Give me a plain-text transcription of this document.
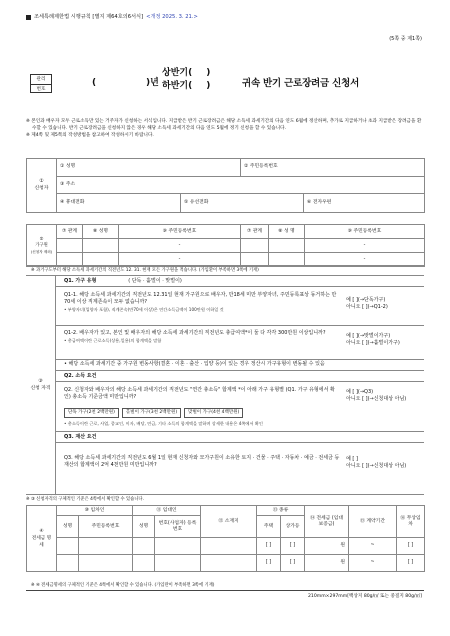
조세특례제한법 시행규칙 [별지 제64호의6서식] <개정 2025. 3. 21.>
(5쪽 중 제1쪽)
관리
번호
(	)년
상반기( )
하반기( )	귀속 반기 근로장려금 신청서

※ 본인과 배우자 모두 근로소득만 있는 거주자가 신청하는 서식입니다. 지급받은 반기 근로장려금은 해당 소득세 과세기간의 다음 연도 6월에 정산하며, 추가로 지급하거나 초과 지급받은 장려금을 환수할 수 있습니다. 반기 근로장려금을 신청하지 않은 경우 해당 소득세 과세기간의 다음 연도 5월에 정기 신청을 할 수 있습니다.

※ 제4쪽 및 제5쪽의 작성방법을 참고하여 작성하시기 바랍니다.

①
신청자
	① 성명	② 주민등록번호
③ 주소

④ 휴대전화	⑤ 유선전화	⑥ 전자우편
②
가구원
(신청자 제외)	⑦ 관계	⑧ 성명	⑨ 주민등록번호	⑦ 관계	⑧ 성 명	⑨ 주민등록번호
			-			-
			-			-
※ 과거구도부터 해당 소득세 과세기간의 직전년도 12. 31. 현재 모든 가구원을 적습니다. (가입환이 부족하면 3쪽에 기재)
③
신청 자격
Q1. 가구 유형	( 단독 · 홑벌이 · 맞벌이)
Q1-1. 해당 소득세 과세기간의 직전년도 12.31일 현재 가구원으로 배우자, 만18세 미만 부양자녀, 주민등록표상 동거하는 만 70세 이상 직계존속이 모두 없습니까?
• 부양자녀(입양자 포함), 직계존속(만70세 이상)은 연간소득금액이 100만원 이하일 것
예 [ ](→단독가구)
아니오 [ ](→Q1-2)
Q1-2. 배우자가 있고, 본인 및 배우자의 해당 소득세 과세기간의 직전년도 총급여액*이 둘 다 각각 300만원 이상입니까?
• 총급여액이란 근로소득(상용,일용)의 합계액을 말함
예 [ ](→맞벌이가구)
아니오 [ ](→홑벌이가구)
• 해당 소득세 과세기간 중 가구원 변동사항(결혼 · 이혼 · 출산 · 입양 등)이 있는 경우 정산시 가구유형이 변동될 수 있음
Q2. 소득 요건
Q2. 신청자와 배우자의 해당 소득세 과세기간의 직전년도 "연간 총소득" 합계액 *이 아래 가구 유형별 (Q1. 가구 유형에서 확인) 총소득 기준금액 미만입니까?
예 [ ](→Q3)
아니오 [ ](→신청대상 아님)
단독 가구(2천 2백만원)	홑벌이 가구(3천 2백만원)	맞벌이 가구(4천 4백만원)
• 총소득이란 근로, 사업, 종교인, 이자, 배당, 연금, 기타 소득의 합계액을 말하며 상세한 내용은 4쪽에서 확인
Q3. 재산 요건
Q3. 해당 소득세 과세기간의 직전년도 6월 1일 현재 신청자와 모가구원이 소유한 토지 · 건물 · 주택 · 자동차 · 예금 · 전세금 등 재산의 합계액이 2억 4천만원 미만입니까?
예 [ ]
아니오 [ ](→신청대상 아님)
※ ③ 신청자격의 구체적인 기준은 4쪽에서 확인할 수 있습니다.
④
전세금 명세	⑩ 임차인		⑪ 임대인		⑫ 소재지	⑬ 종류		⑭ 전세금 (임대보증금)	⑮ 계약기간	⑯ 무상임차
	성명	주민등록번호	성명	번호(사업자) 등록번호		주택	상가등			
						[ ]	[ ]	원	~	[ ]
						[ ]	[ ]	원	~	[ ]
※ ④ 전세금명세의 구체적인 기준은 4쪽에서 확인할 수 있습니다. (가입란이 부족하면 3쪽에 기재)
210mm×297mm[백상지 80g/㎡ 또는 중질지 80g/㎡]
